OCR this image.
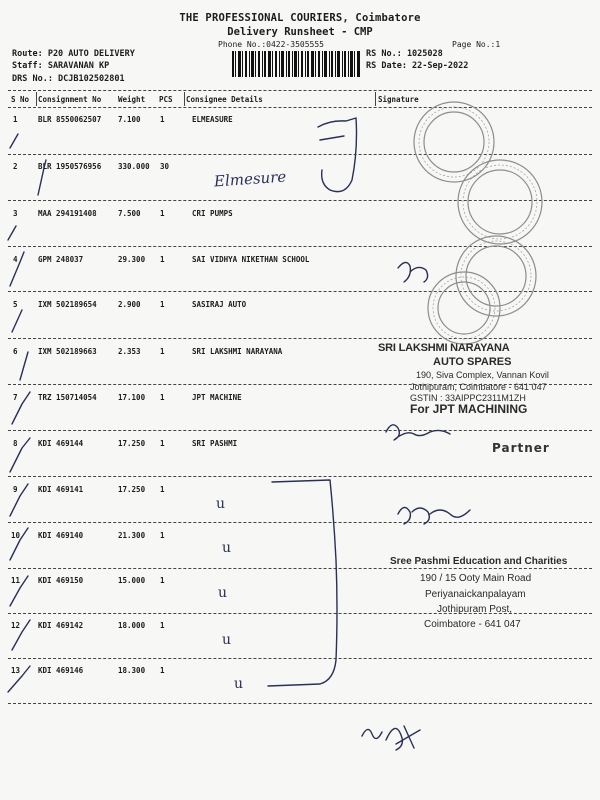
THE PROFESSIONAL COURIERS, Coimbatore
Delivery Runsheet - CMP
Phone No.:0422-3505555	Page No.:1
Route: P20 AUTO DELIVERY
Staff: SARAVANAN KP
DRS No.: DCJB102502801
RS No.: 1025028
RS Date: 22-Sep-2022
S No Consignment No Weight PCS Consignee Details	Signature
1	BLR 8550062507 7.100	1	ELMEASURE
2	BLR 1950576956 330.000 30
3	MAA 294191408	7.500	1	CRI PUMPS
4	GPM 248037	29.300 1	SAI VIDHYA NIKETHAN SCHOOL
5	IXM 502189654	2.900	1	SASIRAJ AUTO
6	IXM 502189663	2.353	1	SRI LAKSHMI NARAYANA
7	TRZ 150714054	17.100 1	JPT MACHINE
8	KDI 469144	17.250 1	SRI PASHMI
9	KDI 469141	17.250 1
10 KDI 469140	21.300 1
11 KDI 469150	15.000 1
12 KDI 469142	18.000 1
13 KDI 469146	18.300 1
Elmesure
u
u
u
u
u
SRI LAKSHMI NARAYANA
AUTO SPARES
190, Siva Complex, Vannan Kovil
Jothipuram, Coimbatore - 641 047
GSTIN : 33AIPPC2311M1ZH
For JPT MACHINING
Partner
Sree Pashmi Education and Charities
190 / 15 Ooty Main Road
Periyanaickanpalayam
Jothipuram Post,
Coimbatore - 641 047
